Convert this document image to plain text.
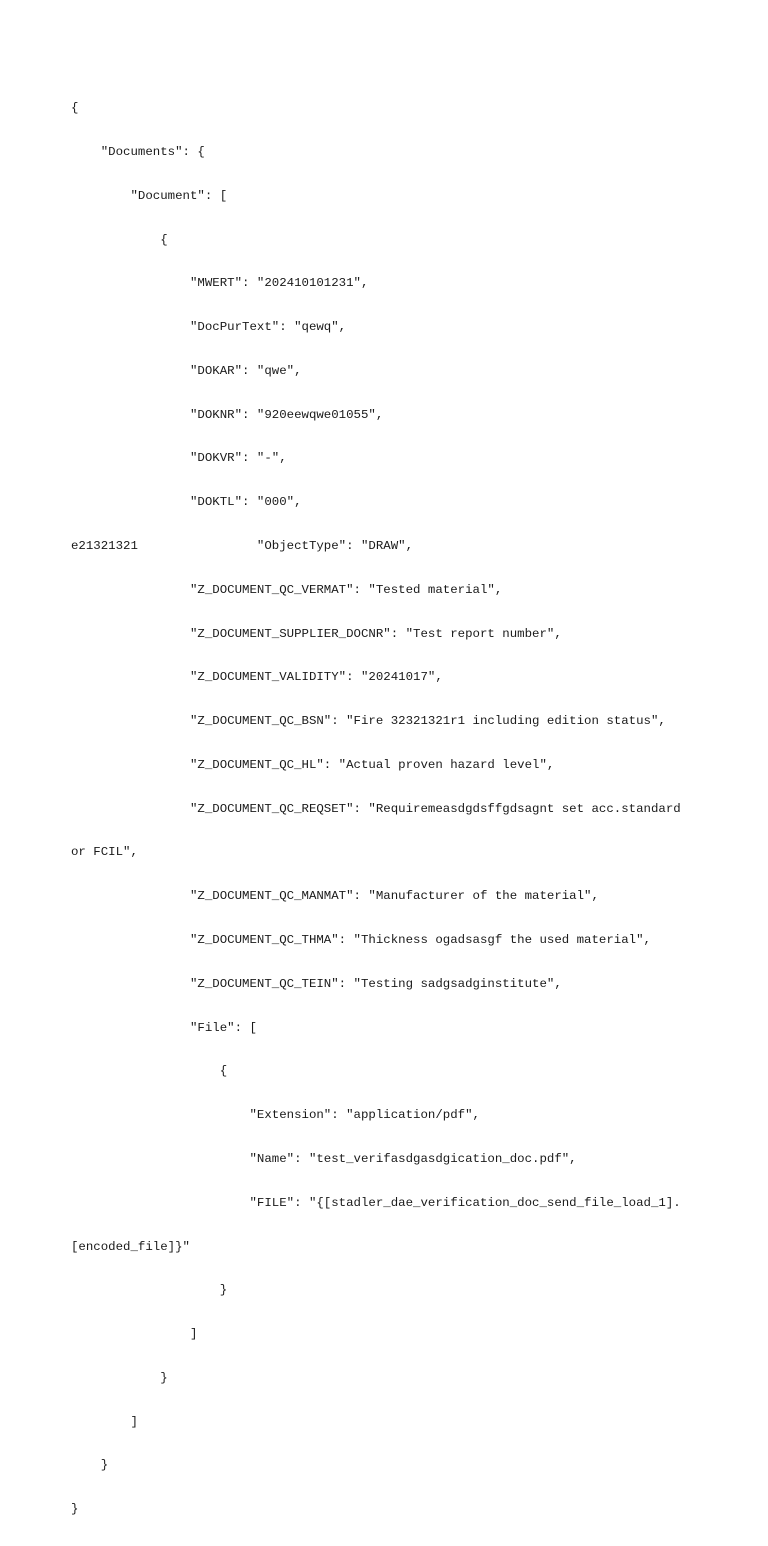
{

"Documents": {

"Document": [

{

"MWERT": "202410101231",

"DocPurText": "qewq",

"DOKAR": "qwe",

"DOKNR": "920eewqwe01055",

"DOKVR": "-",

"DOKTL": "000",

e21321321                "ObjectType": "DRAW",

"Z_DOCUMENT_QC_VERMAT": "Tested material",

"Z_DOCUMENT_SUPPLIER_DOCNR": "Test report number",

"Z_DOCUMENT_VALIDITY": "20241017",

"Z_DOCUMENT_QC_BSN": "Fire 32321321r1 including edition status",

"Z_DOCUMENT_QC_HL": "Actual proven hazard level",

"Z_DOCUMENT_QC_REQSET": "Requiremeasdgdsffgdsagnt set acc.standard

or FCIL",

"Z_DOCUMENT_QC_MANMAT": "Manufacturer of the material",

"Z_DOCUMENT_QC_THMA": "Thickness ogadsasgf the used material",

"Z_DOCUMENT_QC_TEIN": "Testing sadgsadginstitute",

"File": [

{

"Extension": "application/pdf",

"Name": "test_verifasdgasdgication_doc.pdf",

"FILE": "{[stadler_dae_verification_doc_send_file_load_1].

[encoded_file]}"

}

]

}

]

}

}
